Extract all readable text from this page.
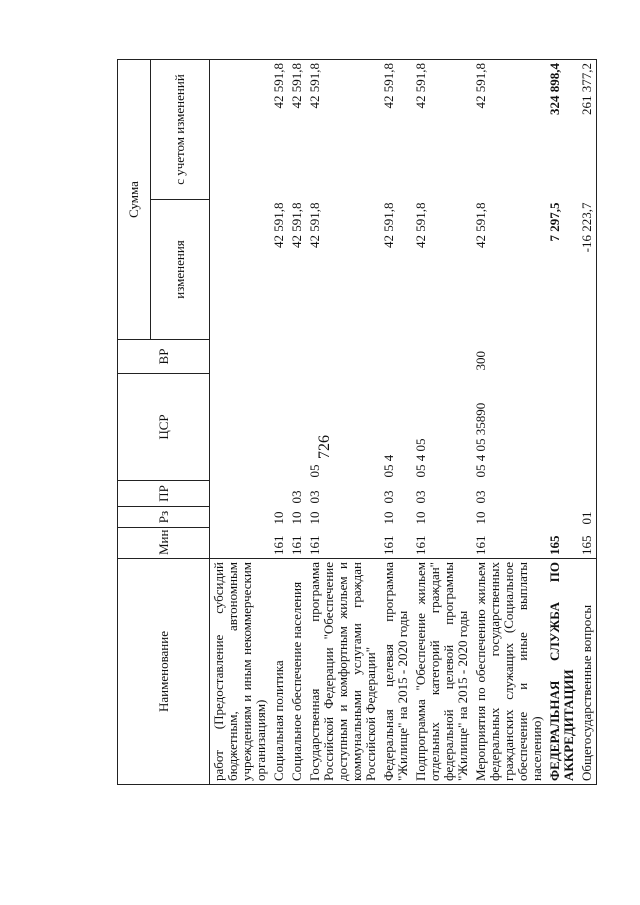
726
Наименование	Мин	Рз	ПР	ЦСР	ВР	Сумма	
						изменения	с учетом изменений
работ (Предоставление субсидий бюджетным, автономным учреждениям и иным некоммерческим организациям)							
Социальная политика	161	10				42 591,8	42 591,8
Социальное обеспечение населения	161	10	03			42 591,8	42 591,8
Государственная программа Российской Федерации "Обеспечение доступным и комфортным жильем и коммунальными услугами граждан Российской Федерации"	161	10	03	05		42 591,8	42 591,8
Федеральная целевая программа "Жилище" на 2015 - 2020 годы	161	10	03	05 4		42 591,8	42 591,8
Подпрограмма "Обеспечение жильем отдельных категорий граждан" федеральной целевой программы "Жилище" на 2015 - 2020 годы	161	10	03	05 4 05		42 591,8	42 591,8
Мероприятия по обеспечению жильем федеральных государственных гражданских служащих (Социальное обеспечение и иные выплаты населению)	161	10	03	05 4 05 35890	300	42 591,8	42 591,8
ФЕДЕРАЛЬНАЯ СЛУЖБА ПО АККРЕДИТАЦИИ	165					7 297,5	324 898,4
Общегосударственные вопросы	165	01				-16 223,7	261 377,2
